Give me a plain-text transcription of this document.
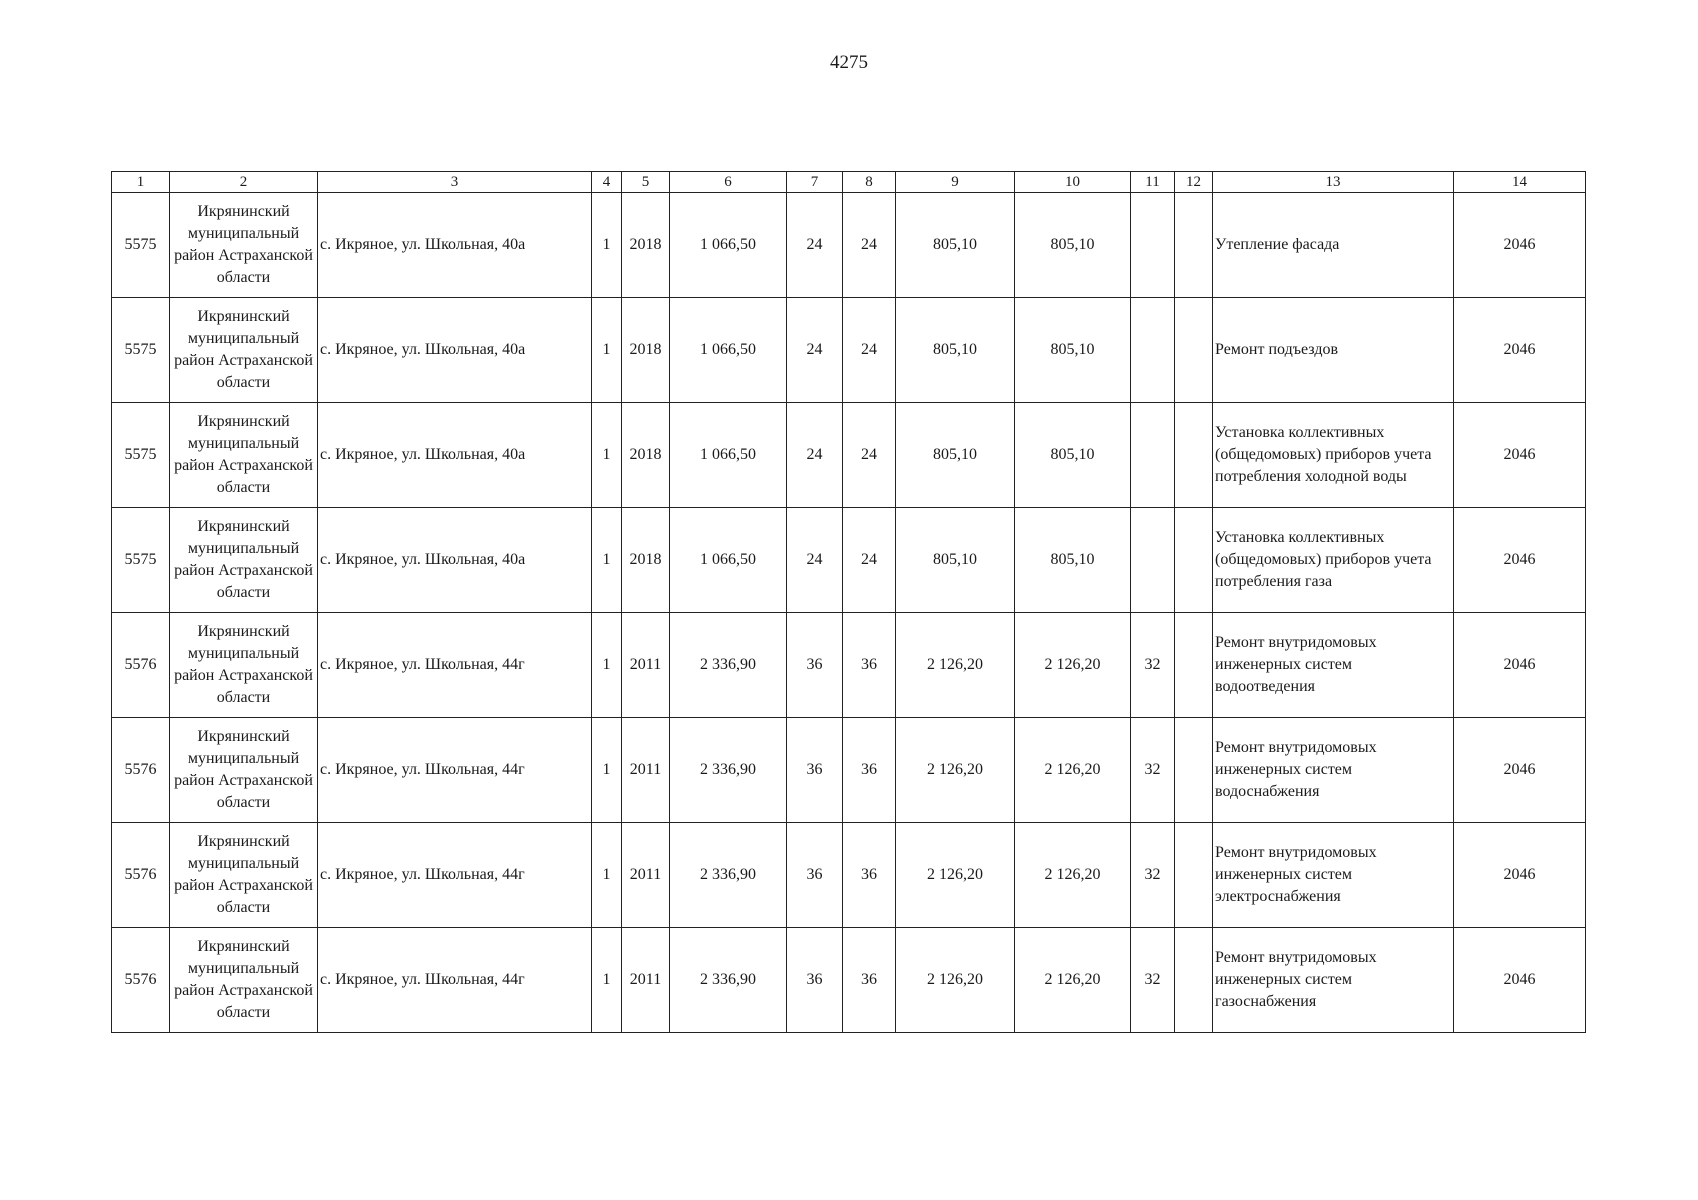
4275
1	2	3	4	5	6	7	8	9	10	11	12	13	14
5575	Икрянинский муниципальный район Астраханской области	с. Икряное, ул. Школьная, 40а	1	2018	1 066,50	24	24	805,10	805,10			Утепление фасада	2046
5575	Икрянинский муниципальный район Астраханской области	с. Икряное, ул. Школьная, 40а	1	2018	1 066,50	24	24	805,10	805,10			Ремонт подъездов	2046
5575	Икрянинский муниципальный район Астраханской области	с. Икряное, ул. Школьная, 40а	1	2018	1 066,50	24	24	805,10	805,10			Установка коллективных (общедомовых) приборов учета потребления холодной воды	2046
5575	Икрянинский муниципальный район Астраханской области	с. Икряное, ул. Школьная, 40а	1	2018	1 066,50	24	24	805,10	805,10			Установка коллективных (общедомовых) приборов учета потребления газа	2046
5576	Икрянинский муниципальный район Астраханской области	с. Икряное, ул. Школьная, 44г	1	2011	2 336,90	36	36	2 126,20	2 126,20	32		Ремонт внутридомовых инженерных систем водоотведения	2046
5576	Икрянинский муниципальный район Астраханской области	с. Икряное, ул. Школьная, 44г	1	2011	2 336,90	36	36	2 126,20	2 126,20	32		Ремонт внутридомовых инженерных систем водоснабжения	2046
5576	Икрянинский муниципальный район Астраханской области	с. Икряное, ул. Школьная, 44г	1	2011	2 336,90	36	36	2 126,20	2 126,20	32		Ремонт внутридомовых инженерных систем электроснабжения	2046
5576	Икрянинский муниципальный район Астраханской области	с. Икряное, ул. Школьная, 44г	1	2011	2 336,90	36	36	2 126,20	2 126,20	32		Ремонт внутридомовых инженерных систем газоснабжения	2046
